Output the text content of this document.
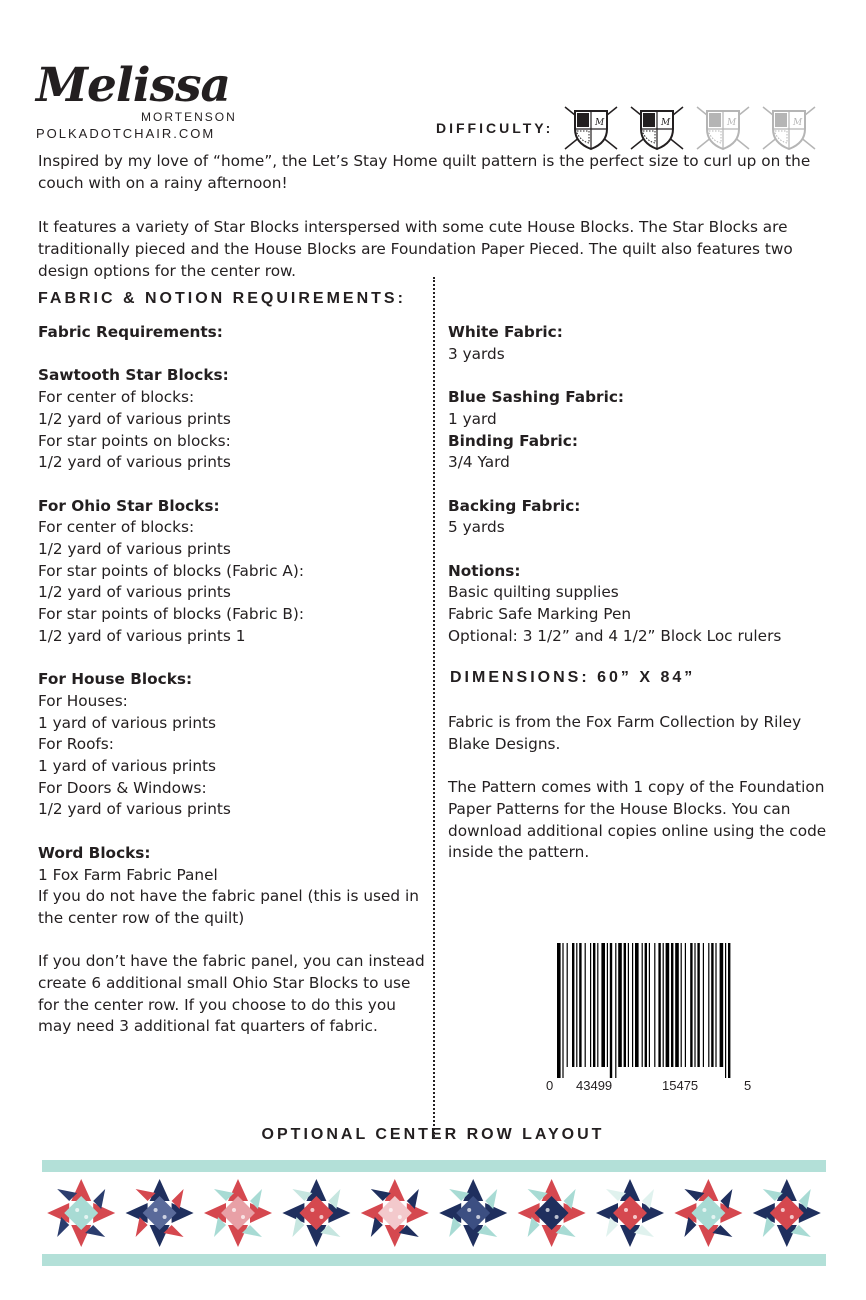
Melissa
MORTENSON
POLKADOTCHAIR.COM	DIFFICULTY:	M	M	M	M

Inspired by my love of “home”, the Let’s Stay Home quilt pattern is the perfect size to curl up on the couch with on a rainy afternoon!

It features a variety of Star Blocks interspersed with some cute House Blocks. The Star Blocks are traditionally pieced and the House Blocks are Foundation Paper Pieced. The quilt also features two design options for the center row.

FABRIC & NOTION REQUIREMENTS:
Fabric Requirements:
Sawtooth Star Blocks:
For center of blocks:
1/2 yard of various prints
For star points on blocks:
1/2 yard of various prints
For Ohio Star Blocks:
For center of blocks:
1/2 yard of various prints
For star points of blocks (Fabric A):
1/2 yard of various prints
For star points of blocks (Fabric B):
1/2 yard of various prints 1
For House Blocks:
For Houses:
1 yard of various prints
For Roofs:
1 yard of various prints
For Doors & Windows:
1/2 yard of various prints
Word Blocks:
1 Fox Farm Fabric Panel
If you do not have the fabric panel (this is used in
the center row of the quilt)
If you don’t have the fabric panel, you can instead
create 6 additional small Ohio Star Blocks to use
for the center row. If you choose to do this you
may need 3 additional fat quarters of fabric.
White Fabric:
3 yards
Blue Sashing Fabric:
1 yard
Binding Fabric:
3/4 Yard
Backing Fabric:
5 yards
Notions:
Basic quilting supplies
Fabric Safe Marking Pen
Optional: 3 1/2” and 4 1/2” Block Loc rulers
DIMENSIONS: 60” X 84”
Fabric is from the Fox Farm Collection by Riley
Blake Designs.
The Pattern comes with 1 copy of the Foundation
Paper Patterns for the House Blocks. You can
download additional copies online using the code
inside the pattern.
0 43499	15475	5
OPTIONAL CENTER ROW LAYOUT
